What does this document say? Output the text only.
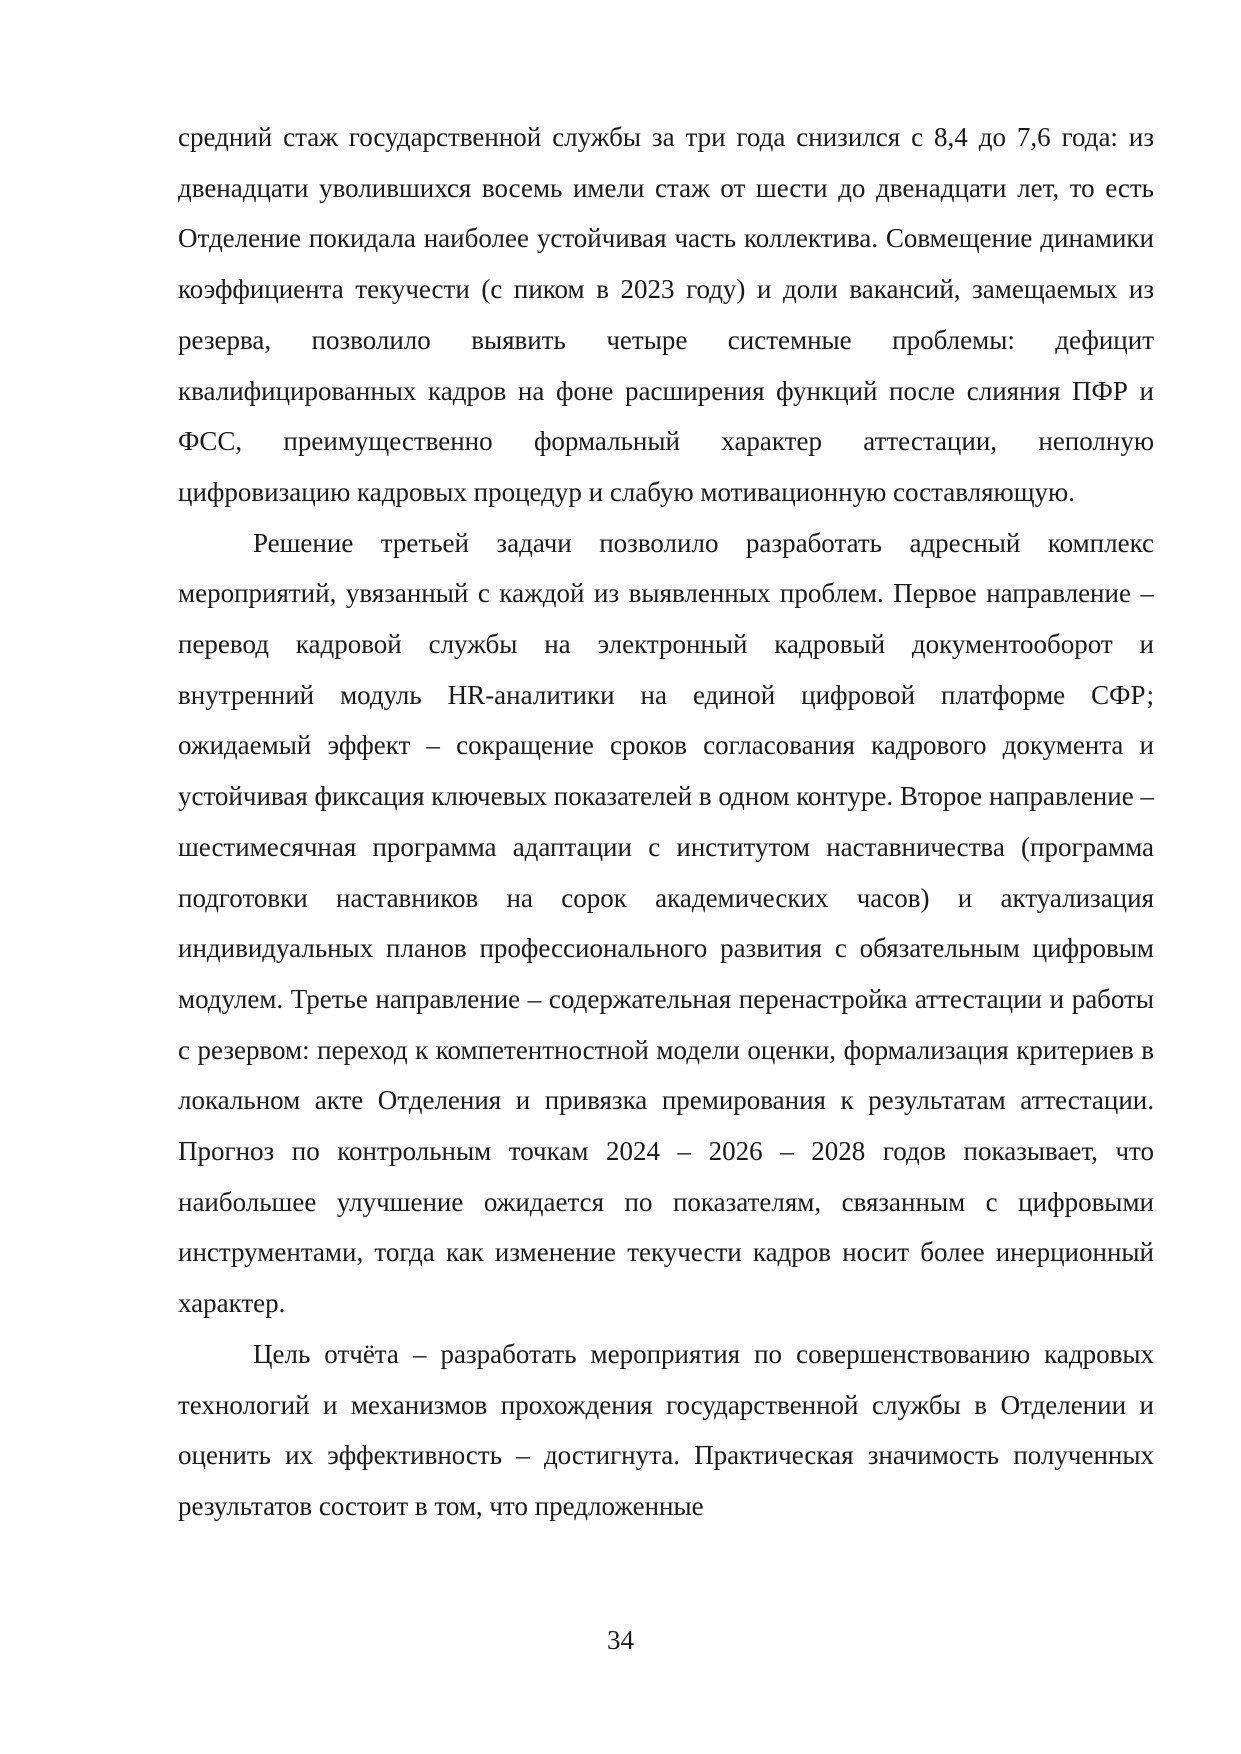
средний стаж государственной службы за три года снизился с 8,4 до 7,6 года: из двенадцати уволившихся восемь имели стаж от шести до двенадцати лет, то есть Отделение покидала наиболее устойчивая часть коллектива. Совмещение динамики коэффициента текучести (с пиком в 2023 году) и доли вакансий, замещаемых из резерва, позволило выявить четыре системные проблемы: дефицит квалифицированных кадров на фоне расширения функций после слияния ПФР и ФСС, преимущественно формальный характер аттестации, неполную цифровизацию кадровых процедур и слабую мотивационную составляющую.

Решение третьей задачи позволило разработать адресный комплекс мероприятий, увязанный с каждой из выявленных проблем. Первое направление – перевод кадровой службы на электронный кадровый документооборот и внутренний модуль HR-аналитики на единой цифровой платформе СФР; ожидаемый эффект – сокращение сроков согласования кадрового документа и устойчивая фиксация ключевых показателей в одном контуре. Второе направление – шестимесячная программа адаптации с институтом наставничества (программа подготовки наставников на сорок академических часов) и актуализация индивидуальных планов профессионального развития с обязательным цифровым модулем. Третье направление – содержательная перенастройка аттестации и работы с резервом: переход к компетентностной модели оценки, формализация критериев в локальном акте Отделения и привязка премирования к результатам аттестации. Прогноз по контрольным точкам 2024 – 2026 – 2028 годов показывает, что наибольшее улучшение ожидается по показателям, связанным с цифровыми инструментами, тогда как изменение текучести кадров носит более инерционный характер.

Цель отчёта – разработать мероприятия по совершенствованию кадровых технологий и механизмов прохождения государственной службы в Отделении и оценить их эффективность – достигнута. Практическая значимость полученных результатов состоит в том, что предложенные

34
